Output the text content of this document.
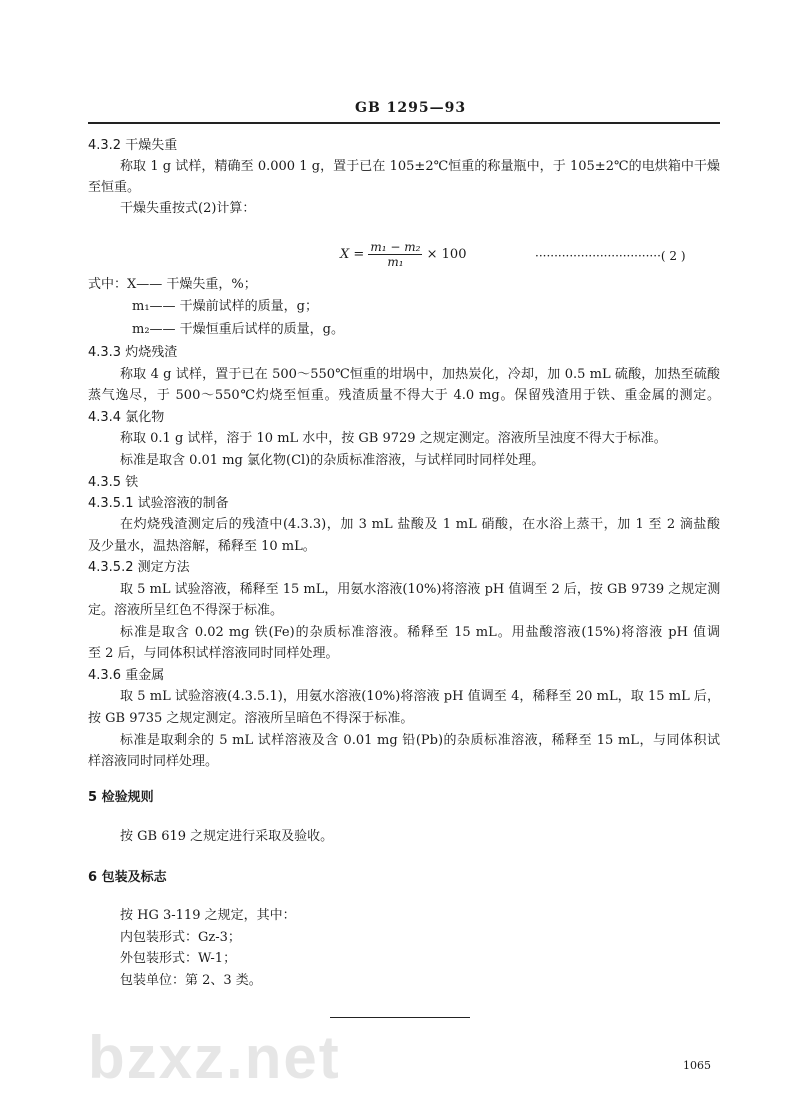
GB 1295—93
4.3.2 干燥失重
称取 1 g 试样，精确至 0.000 1 g，置于已在 105±2℃恒重的称量瓶中，于 105±2℃的电烘箱中干燥
至恒重。
干燥失重按式(2)计算：
$X = \frac{\text{m₁ − m₂}}{\text{m₁}} \times 100$	·································( 2 )
式中：X—— 干燥失重，%；
m₁—— 干燥前试样的质量，g；
m₂—— 干燥恒重后试样的质量，g。
4.3.3 灼烧残渣
称取 4 g 试样，置于已在 500～550℃恒重的坩埚中，加热炭化，冷却，加 0.5 mL 硫酸，加热至硫酸
蒸气逸尽，于 500～550℃灼烧至恒重。残渣质量不得大于 4.0 mg。保留残渣用于铁、重金属的测定。
4.3.4 氯化物
称取 0.1 g 试样，溶于 10 mL 水中，按 GB 9729 之规定测定。溶液所呈浊度不得大于标准。
标准是取含 0.01 mg 氯化物(Cl)的杂质标准溶液，与试样同时同样处理。
4.3.5 铁
4.3.5.1 试验溶液的制备
在灼烧残渣测定后的残渣中(4.3.3)，加 3 mL 盐酸及 1 mL 硝酸，在水浴上蒸干，加 1 至 2 滴盐酸
及少量水，温热溶解，稀释至 10 mL。
4.3.5.2 测定方法
取 5 mL 试验溶液，稀释至 15 mL，用氨水溶液(10%)将溶液 pH 值调至 2 后，按 GB 9739 之规定测
定。溶液所呈红色不得深于标准。
标准是取含 0.02 mg 铁(Fe)的杂质标准溶液。稀释至 15 mL。用盐酸溶液(15%)将溶液 pH 值调
至 2 后，与同体积试样溶液同时同样处理。
4.3.6 重金属
取 5 mL 试验溶液(4.3.5.1)，用氨水溶液(10%)将溶液 pH 值调至 4，稀释至 20 mL，取 15 mL 后，
按 GB 9735 之规定测定。溶液所呈暗色不得深于标准。
标准是取剩余的 5 mL 试样溶液及含 0.01 mg 铅(Pb)的杂质标准溶液，稀释至 15 mL，与同体积试
样溶液同时同样处理。
5 检验规则
按 GB 619 之规定进行采取及验收。
6 包装及标志
按 HG 3-119 之规定，其中：
内包装形式：Gz-3；
外包装形式：W-1；
包装单位：第 2、3 类。
bzxz.net	1065
